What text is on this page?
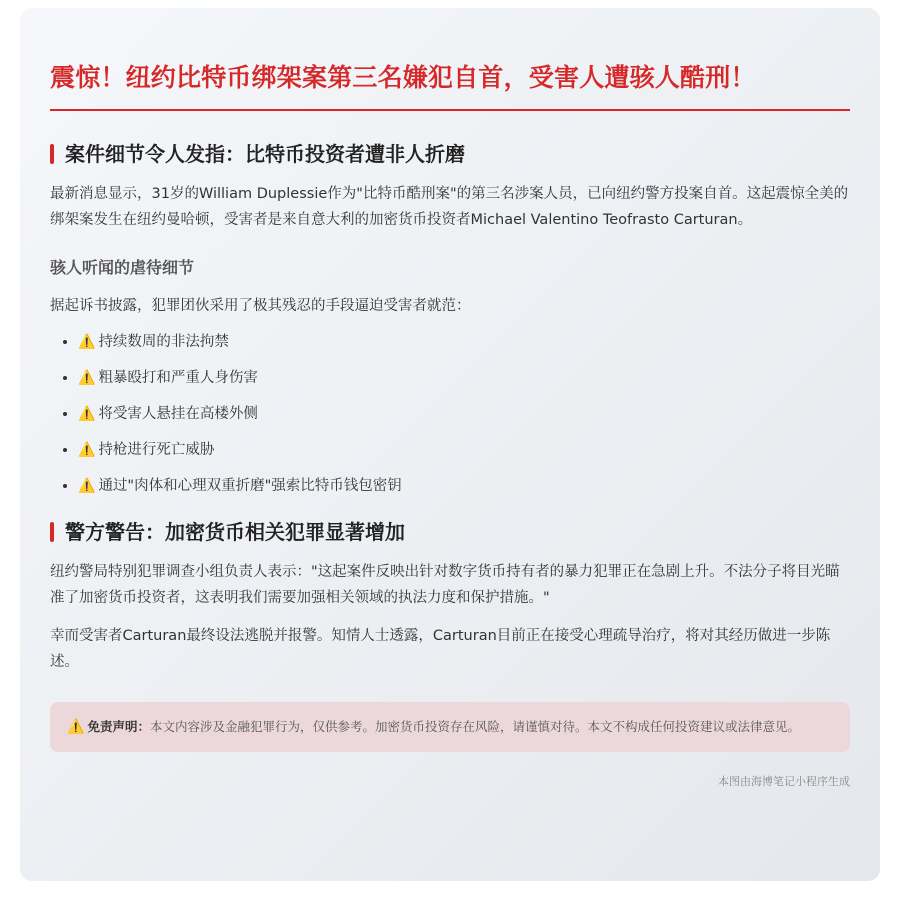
震惊！纽约比特币绑架案第三名嫌犯自首，受害人遭骇人酷刑！
案件细节令人发指：比特币投资者遭非人折磨

最新消息显示，31岁的William Duplessie作为"比特币酷刑案"的第三名涉案人员，已向纽约警方投案自首。这起震惊全美的绑架案发生在纽约曼哈顿，受害者是来自意大利的加密货币投资者Michael Valentino Teofrasto Carturan。

骇人听闻的虐待细节

据起诉书披露，犯罪团伙采用了极其残忍的手段逼迫受害者就范：

• ⚠️ 持续数周的非法拘禁
• ⚠️ 粗暴殴打和严重人身伤害
• ⚠️ 将受害人悬挂在高楼外侧
• ⚠️ 持枪进行死亡威胁
• ⚠️ 通过"肉体和心理双重折磨"强索比特币钱包密钥
警方警告：加密货币相关犯罪显著增加

纽约警局特别犯罪调查小组负责人表示："这起案件反映出针对数字货币持有者的暴力犯罪正在急剧上升。不法分子将目光瞄准了加密货币投资者，这表明我们需要加强相关领域的执法力度和保护措施。"

幸而受害者Carturan最终设法逃脱并报警。知情人士透露，Carturan目前正在接受心理疏导治疗，将对其经历做进一步陈述。

⚠️ 免责声明：本文内容涉及金融犯罪行为，仅供参考。加密货币投资存在风险，请谨慎对待。本文不构成任何投资建议或法律意见。
本图由海博笔记小程序生成
